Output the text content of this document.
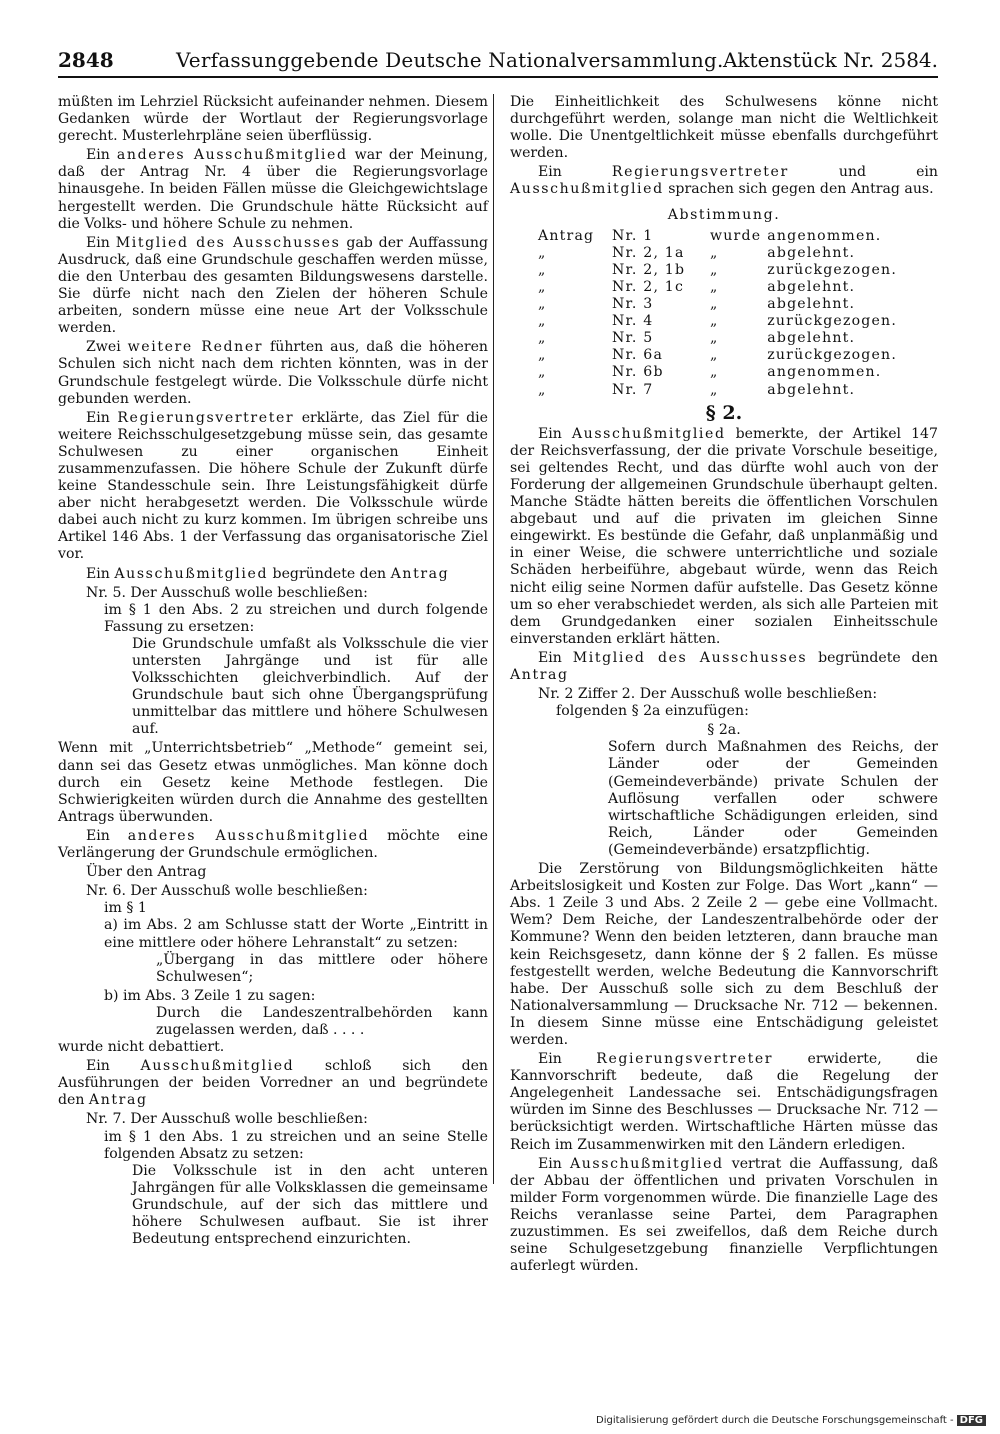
2848	Verfassunggebende Deutsche Nationalversammlung. Aktenstück Nr. 2584.

müßten im Lehrziel Rücksicht aufeinander nehmen. Diesem Gedanken würde der Wortlaut der Regierungsvorlage gerecht. Musterlehrpläne seien überflüssig.

Ein anderes Ausschußmitglied war der Meinung, daß der Antrag Nr. 4 über die Regierungsvorlage hinausgehe. In beiden Fällen müsse die Gleichgewichtslage hergestellt werden. Die Grundschule hätte Rücksicht auf die Volks- und höhere Schule zu nehmen.

Ein Mitglied des Ausschusses gab der Auffassung Ausdruck, daß eine Grundschule geschaffen werden müsse, die den Unterbau des gesamten Bildungswesens darstelle. Sie dürfe nicht nach den Zielen der höheren Schule arbeiten, sondern müsse eine neue Art der Volksschule werden.

Zwei weitere Redner führten aus, daß die höheren Schulen sich nicht nach dem richten könnten, was in der Grundschule festgelegt würde. Die Volksschule dürfe nicht gebunden werden.

Ein Regierungsvertreter erklärte, das Ziel für die weitere Reichsschulgesetzgebung müsse sein, das gesamte Schulwesen zu einer organischen Einheit zusammenzufassen. Die höhere Schule der Zukunft dürfe keine Standesschule sein. Ihre Leistungsfähigkeit dürfe aber nicht herabgesetzt werden. Die Volksschule würde dabei auch nicht zu kurz kommen. Im übrigen schreibe uns Artikel 146 Abs. 1 der Verfassung das organisatorische Ziel vor.

Ein Ausschußmitglied begründete den Antrag

Nr. 5. Der Ausschuß wolle beschließen:

im § 1 den Abs. 2 zu streichen und durch folgende Fassung zu ersetzen:

Die Grundschule umfaßt als Volksschule die vier untersten Jahrgänge und ist für alle Volksschichten gleichverbindlich. Auf der Grundschule baut sich ohne Übergangsprüfung unmittelbar das mittlere und höhere Schulwesen auf.

Wenn mit „Unterrichtsbetrieb“ „Methode“ gemeint sei, dann sei das Gesetz etwas unmögliches. Man könne doch durch ein Gesetz keine Methode festlegen. Die Schwierigkeiten würden durch die Annahme des gestellten Antrags überwunden.

Ein anderes Ausschußmitglied möchte eine Verlängerung der Grundschule ermöglichen.

Über den Antrag

Nr. 6. Der Ausschuß wolle beschließen:

im § 1

a) im Abs. 2 am Schlusse statt der Worte „Eintritt in eine mittlere oder höhere Lehranstalt“ zu setzen:

„Übergang in das mittlere oder höhere Schulwesen“;

b) im Abs. 3 Zeile 1 zu sagen:

Durch die Landeszentralbehörden kann zugelassen werden, daß . . . .

wurde nicht debattiert.

Ein Ausschußmitglied schloß sich den Ausführungen der beiden Vorredner an und begründete den Antrag

Nr. 7. Der Ausschuß wolle beschließen:

im § 1 den Abs. 1 zu streichen und an seine Stelle folgenden Absatz zu setzen:

Die Volksschule ist in den acht unteren Jahrgängen für alle Volksklassen die gemeinsame Grundschule, auf der sich das mittlere und höhere Schulwesen aufbaut. Sie ist ihrer Bedeutung entsprechend einzurichten.

Die Einheitlichkeit des Schulwesens könne nicht durchgeführt werden, solange man nicht die Weltlichkeit wolle. Die Unentgeltlichkeit müsse ebenfalls durchgeführt werden.

Ein Regierungsvertreter und ein Ausschußmitglied sprachen sich gegen den Antrag aus.

Abstimmung.

Antrag	Nr. 1	wurde	angenommen.
„	Nr. 2, 1a	„	abgelehnt.
„	Nr. 2, 1b	„	zurückgezogen.
„	Nr. 2, 1c	„	abgelehnt.
„	Nr. 3	„	abgelehnt.
„	Nr. 4	„	zurückgezogen.
„	Nr. 5	„	abgelehnt.
„	Nr. 6a	„	zurückgezogen.
„	Nr. 6b	„	angenommen.
„	Nr. 7	„	abgelehnt.

§ 2.

Ein Ausschußmitglied bemerkte, der Artikel 147 der Reichsverfassung, der die private Vorschule beseitige, sei geltendes Recht, und das dürfte wohl auch von der Forderung der allgemeinen Grundschule überhaupt gelten. Manche Städte hätten bereits die öffentlichen Vorschulen abgebaut und auf die privaten im gleichen Sinne eingewirkt. Es bestünde die Gefahr, daß unplanmäßig und in einer Weise, die schwere unterrichtliche und soziale Schäden herbeiführe, abgebaut würde, wenn das Reich nicht eilig seine Normen dafür aufstelle. Das Gesetz könne um so eher verabschiedet werden, als sich alle Parteien mit dem Grundgedanken einer sozialen Einheitsschule einverstanden erklärt hätten.

Ein Mitglied des Ausschusses begründete den Antrag

Nr. 2 Ziffer 2. Der Ausschuß wolle beschließen:

folgenden § 2a einzufügen:

§ 2a.

Sofern durch Maßnahmen des Reichs, der Länder oder der Gemeinden (Gemeindeverbände) private Schulen der Auflösung verfallen oder schwere wirtschaftliche Schädigungen erleiden, sind Reich, Länder oder Gemeinden (Gemeindeverbände) ersatzpflichtig.

Die Zerstörung von Bildungsmöglichkeiten hätte Arbeitslosigkeit und Kosten zur Folge. Das Wort „kann“ — Abs. 1 Zeile 3 und Abs. 2 Zeile 2 — gebe eine Vollmacht. Wem? Dem Reiche, der Landeszentralbehörde oder der Kommune? Wenn den beiden letzteren, dann brauche man kein Reichsgesetz, dann könne der § 2 fallen. Es müsse festgestellt werden, welche Bedeutung die Kannvorschrift habe. Der Ausschuß solle sich zu dem Beschluß der Nationalversammlung — Drucksache Nr. 712 — bekennen. In diesem Sinne müsse eine Entschädigung geleistet werden.

Ein Regierungsvertreter erwiderte, die Kannvorschrift bedeute, daß die Regelung der Angelegenheit Landessache sei. Entschädigungsfragen würden im Sinne des Beschlusses — Drucksache Nr. 712 — berücksichtigt werden. Wirtschaftliche Härten müsse das Reich im Zusammenwirken mit den Ländern erledigen.

Ein Ausschußmitglied vertrat die Auffassung, daß der Abbau der öffentlichen und privaten Vorschulen in milder Form vorgenommen würde. Die finanzielle Lage des Reichs veranlasse seine Partei, dem Paragraphen zuzustimmen. Es sei zweifellos, daß dem Reiche durch seine Schulgesetzgebung finanzielle Verpflichtungen auferlegt würden.

Digitalisierung gefördert durch die Deutsche Forschungsgemeinschaft - DFG
